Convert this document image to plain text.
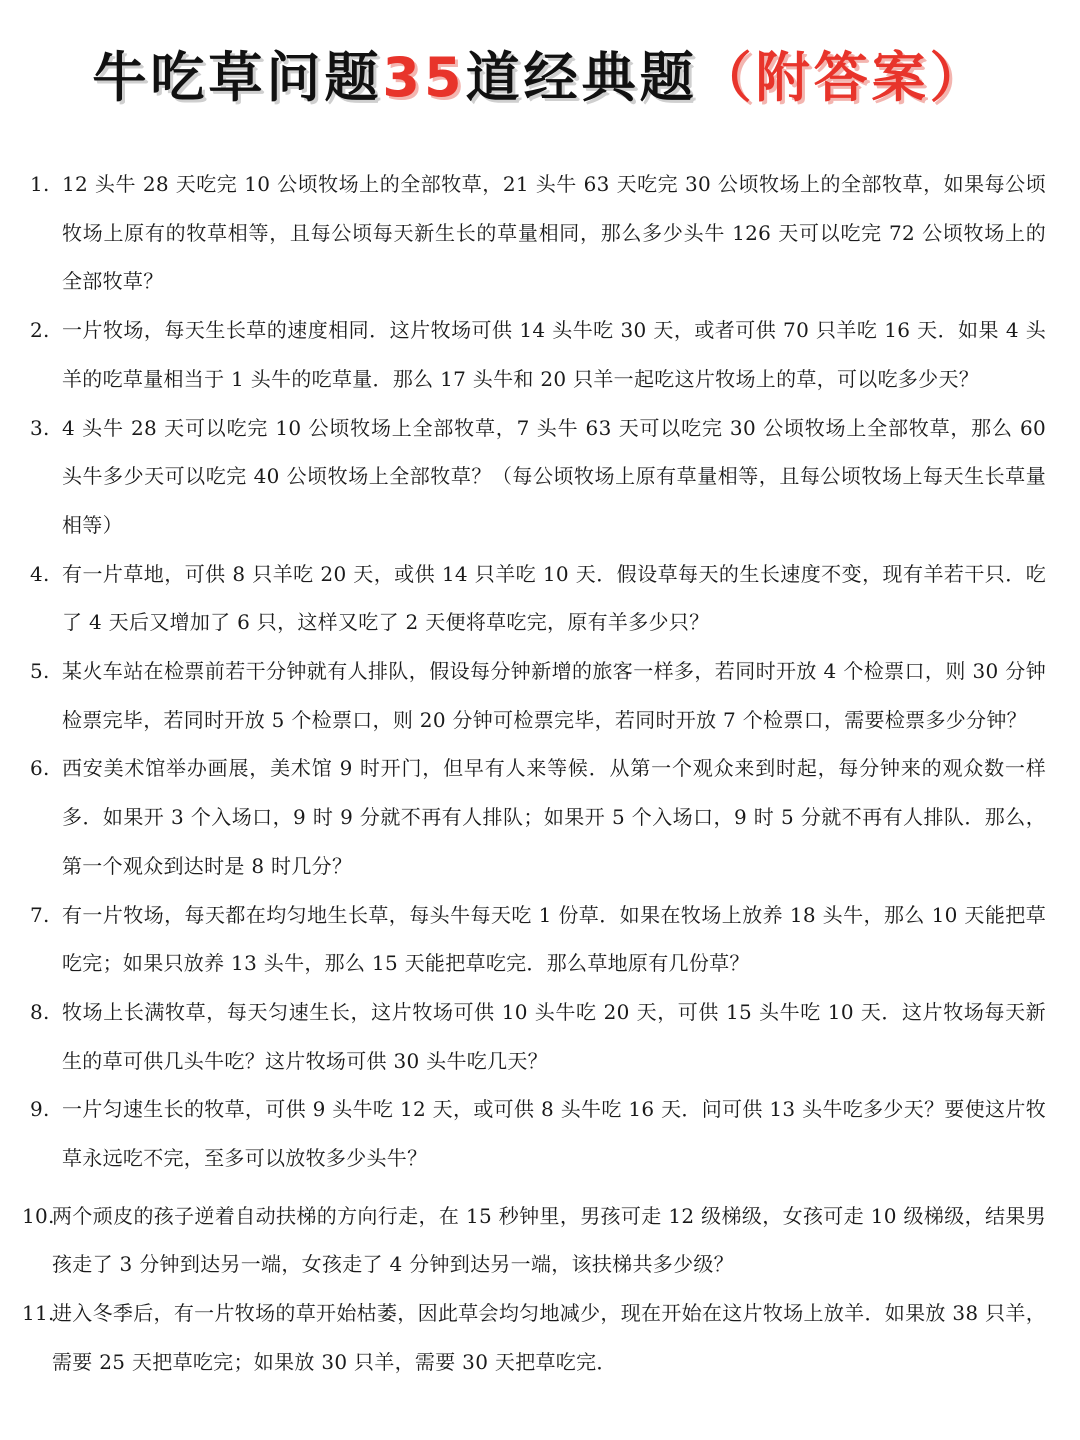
牛吃草问题35道经典题（附答案）
1. 12 头牛 28 天吃完 10 公顷牧场上的全部牧草，21 头牛 63 天吃完 30 公顷牧场上的全部牧草，如果每公顷牧场上原有的牧草相等，且每公顷每天新生长的草量相同，那么多少头牛 126 天可以吃完 72 公顷牧场上的全部牧草？
2. 一片牧场，每天生长草的速度相同．这片牧场可供 14 头牛吃 30 天，或者可供 70 只羊吃 16 天．如果 4 头羊的吃草量相当于 1 头牛的吃草量．那么 17 头牛和 20 只羊一起吃这片牧场上的草，可以吃多少天？
3. 4 头牛 28 天可以吃完 10 公顷牧场上全部牧草，7 头牛 63 天可以吃完 30 公顷牧场上全部牧草，那么 60 头牛多少天可以吃完 40 公顷牧场上全部牧草？（每公顷牧场上原有草量相等，且每公顷牧场上每天生长草量相等）
4. 有一片草地，可供 8 只羊吃 20 天，或供 14 只羊吃 10 天．假设草每天的生长速度不变，现有羊若干只．吃了 4 天后又增加了 6 只，这样又吃了 2 天便将草吃完，原有羊多少只？
5. 某火车站在检票前若干分钟就有人排队，假设每分钟新增的旅客一样多，若同时开放 4 个检票口，则 30 分钟检票完毕，若同时开放 5 个检票口，则 20 分钟可检票完毕，若同时开放 7 个检票口，需要检票多少分钟？
6. 西安美术馆举办画展，美术馆 9 时开门，但早有人来等候．从第一个观众来到时起，每分钟来的观众数一样多．如果开 3 个入场口，9 时 9 分就不再有人排队；如果开 5 个入场口，9 时 5 分就不再有人排队．那么，第一个观众到达时是 8 时几分？
7. 有一片牧场，每天都在均匀地生长草，每头牛每天吃 1 份草．如果在牧场上放养 18 头牛，那么 10 天能把草吃完；如果只放养 13 头牛，那么 15 天能把草吃完．那么草地原有几份草？
8. 牧场上长满牧草，每天匀速生长，这片牧场可供 10 头牛吃 20 天，可供 15 头牛吃 10 天．这片牧场每天新生的草可供几头牛吃？这片牧场可供 30 头牛吃几天？
9. 一片匀速生长的牧草，可供 9 头牛吃 12 天，或可供 8 头牛吃 16 天．问可供 13 头牛吃多少天？要使这片牧草永远吃不完，至多可以放牧多少头牛？
10.
两个顽皮的孩子逆着自动扶梯的方向行走，在 15 秒钟里，男孩可走 12 级梯级，女孩可走 10 级梯级，结果男孩走了 3 分钟到达另一端，女孩走了 4 分钟到达另一端，该扶梯共多少级？
11.
进入冬季后，有一片牧场的草开始枯萎，因此草会均匀地减少，现在开始在这片牧场上放羊．如果放 38 只羊，需要 25 天把草吃完；如果放 30 只羊，需要 30 天把草吃完．
